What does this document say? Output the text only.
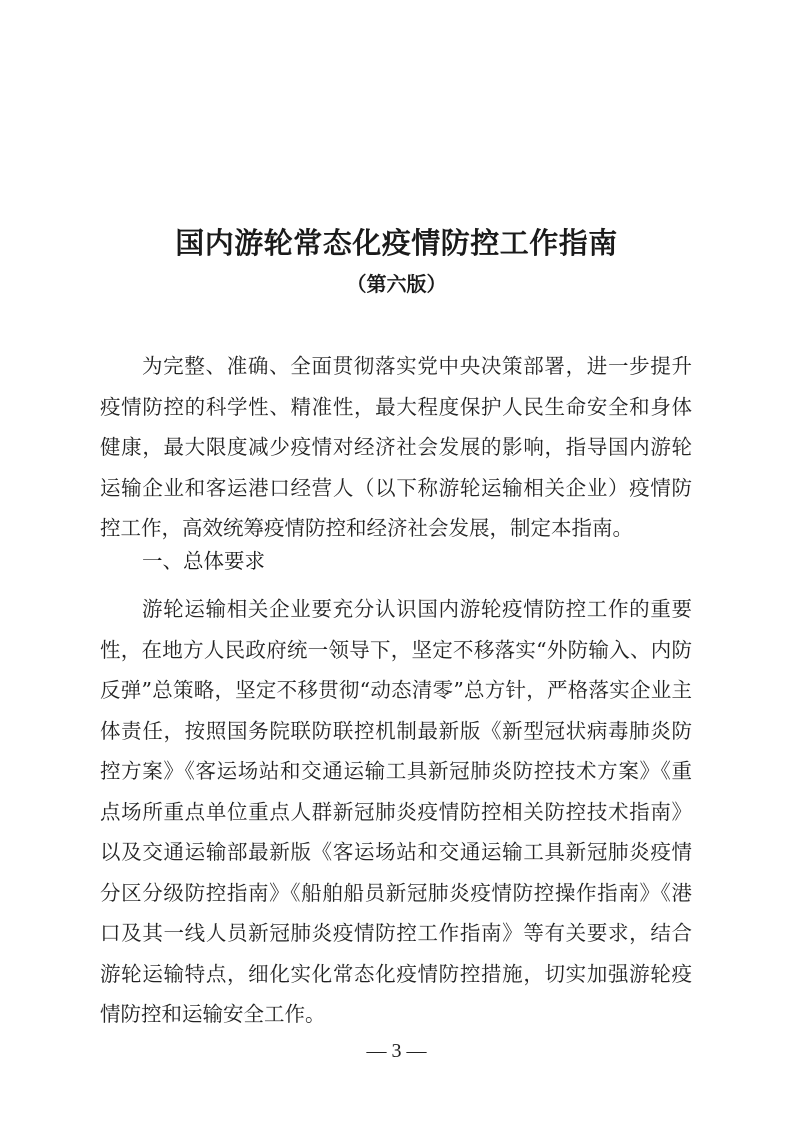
国内游轮常态化疫情防控工作指南
（第六版）

为完整、准确、全面贯彻落实党中央决策部署，进一步提升疫情防控的科学性、精准性，最大程度保护人民生命安全和身体健康，最大限度减少疫情对经济社会发展的影响，指导国内游轮运输企业和客运港口经营人（以下称游轮运输相关企业）疫情防控工作，高效统筹疫情防控和经济社会发展，制定本指南。

一、总体要求

游轮运输相关企业要充分认识国内游轮疫情防控工作的重要性，在地方人民政府统一领导下，坚定不移落实“外防输入、内防反弹”总策略，坚定不移贯彻“动态清零”总方针，严格落实企业主体责任，按照国务院联防联控机制最新版《新型冠状病毒肺炎防控方案》《客运场站和交通运输工具新冠肺炎防控技术方案》《重点场所重点单位重点人群新冠肺炎疫情防控相关防控技术指南》以及交通运输部最新版《客运场站和交通运输工具新冠肺炎疫情分区分级防控指南》《船舶船员新冠肺炎疫情防控操作指南》《港口及其一线人员新冠肺炎疫情防控工作指南》等有关要求，结合游轮运输特点，细化实化常态化疫情防控措施，切实加强游轮疫情防控和运输安全工作。

— 3 —
